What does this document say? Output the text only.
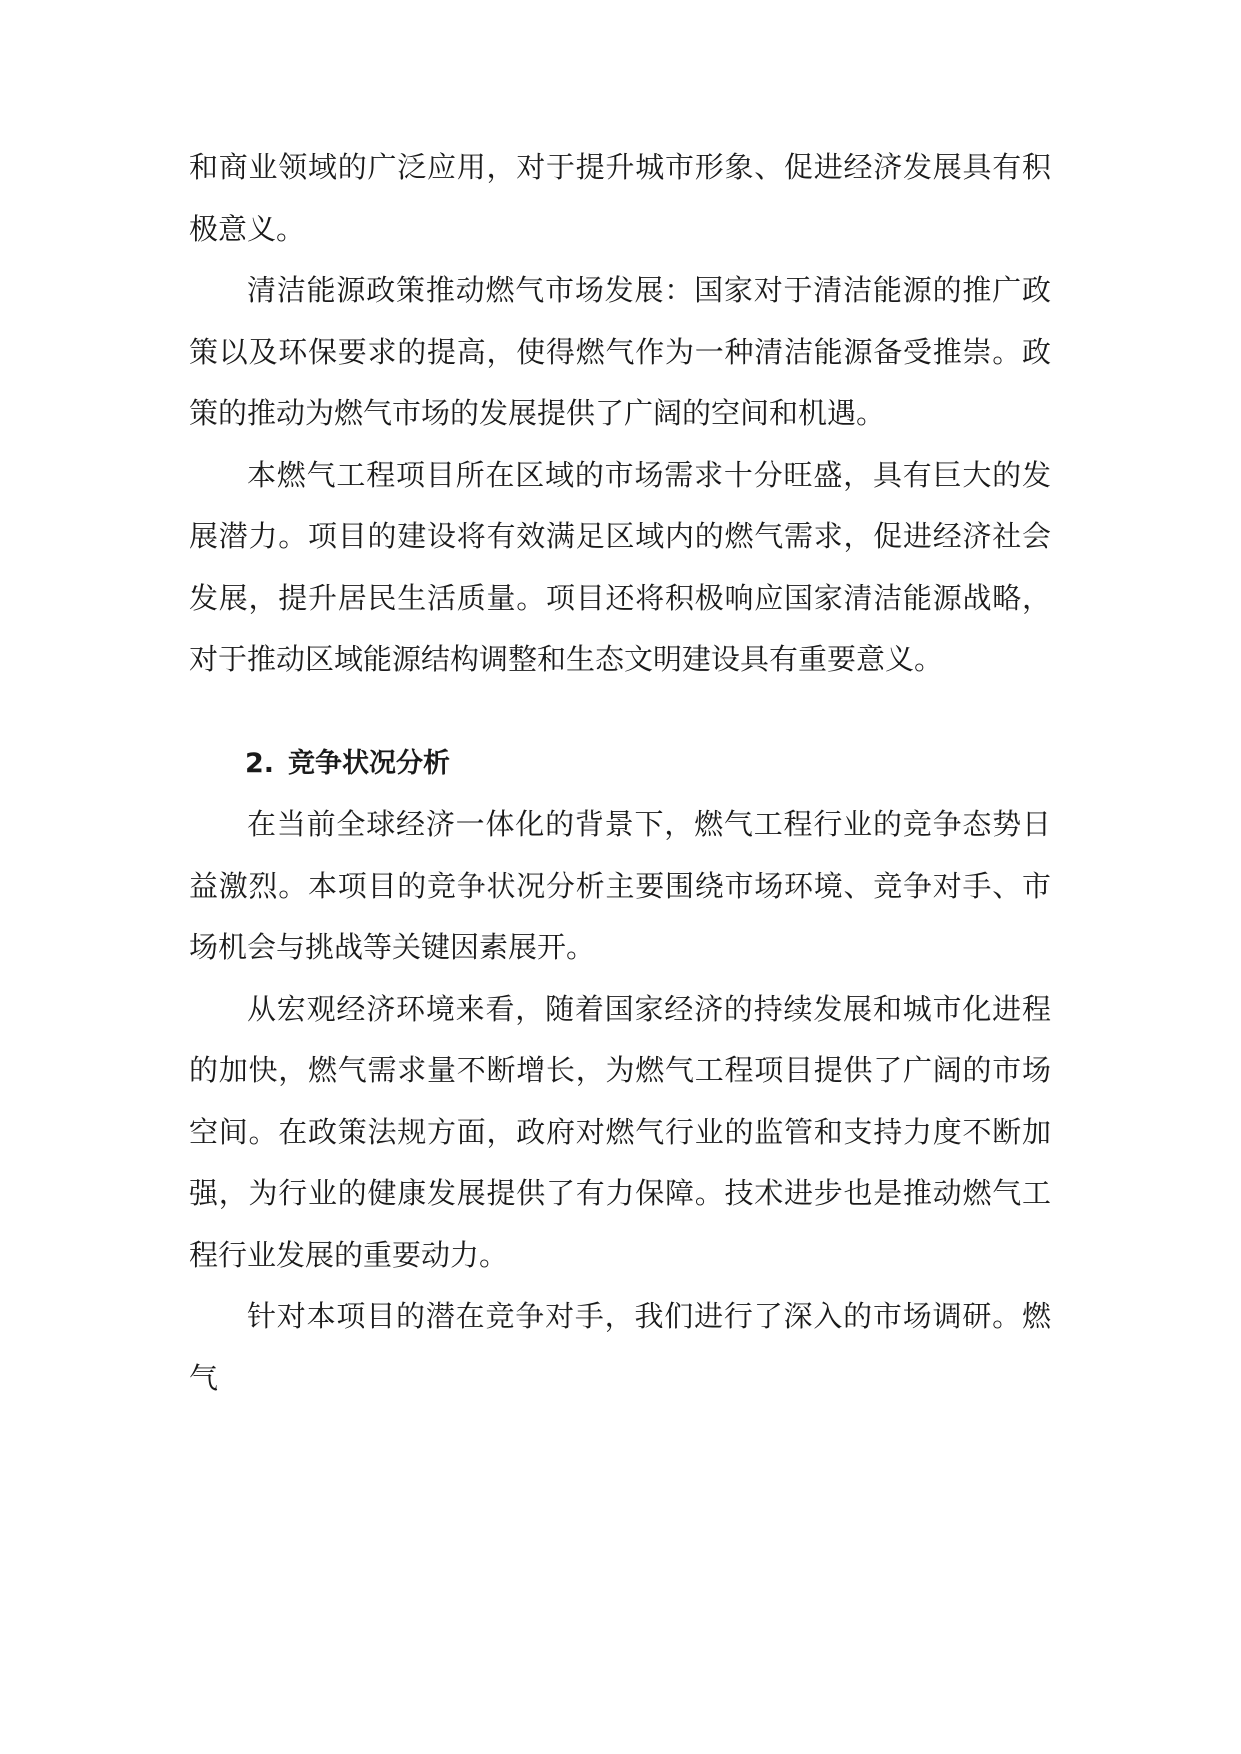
和商业领域的广泛应用，对于提升城市形象、促进经济发展具有积极意义。

清洁能源政策推动燃气市场发展：国家对于清洁能源的推广政策以及环保要求的提高，使得燃气作为一种清洁能源备受推崇。政策的推动为燃气市场的发展提供了广阔的空间和机遇。

本燃气工程项目所在区域的市场需求十分旺盛，具有巨大的发展潜力。项目的建设将有效满足区域内的燃气需求，促进经济社会发展，提升居民生活质量。项目还将积极响应国家清洁能源战略，对于推动区域能源结构调整和生态文明建设具有重要意义。

2. 竞争状况分析

在当前全球经济一体化的背景下，燃气工程行业的竞争态势日益激烈。本项目的竞争状况分析主要围绕市场环境、竞争对手、市场机会与挑战等关键因素展开。

从宏观经济环境来看，随着国家经济的持续发展和城市化进程的加快，燃气需求量不断增长，为燃气工程项目提供了广阔的市场空间。在政策法规方面，政府对燃气行业的监管和支持力度不断加强，为行业的健康发展提供了有力保障。技术进步也是推动燃气工程行业发展的重要动力。

针对本项目的潜在竞争对手，我们进行了深入的市场调研。燃气
